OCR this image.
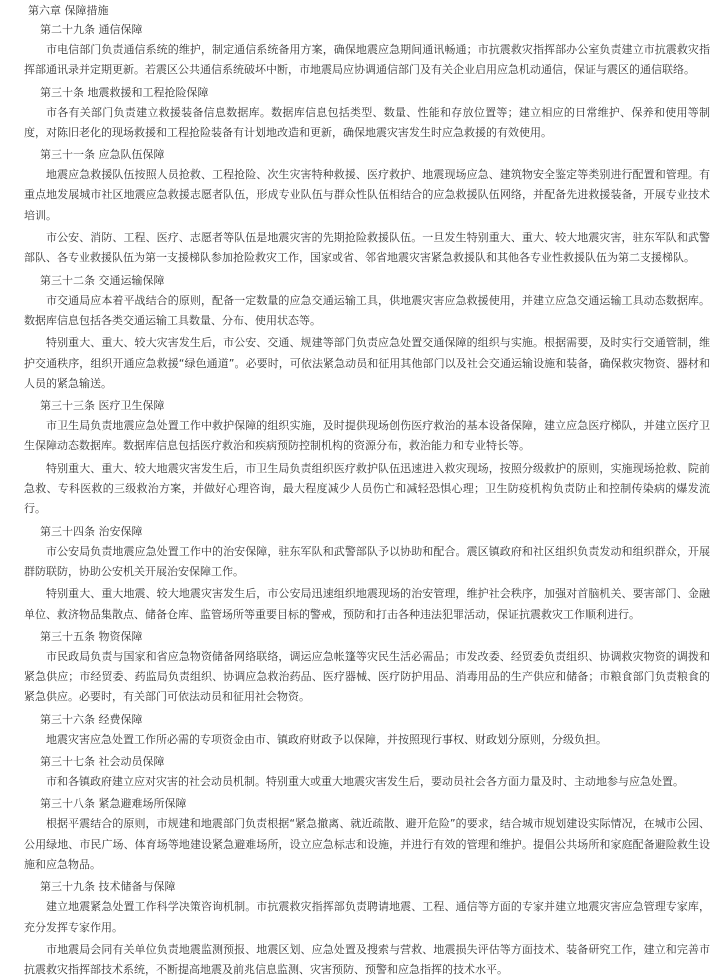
第六章 保障措施
第二十九条 通信保障

市电信部门负责通信系统的维护，制定通信系统备用方案，确保地震应急期间通讯畅通；市抗震救灾指挥部办公室负责建立市抗震救灾指挥部通讯录并定期更新。若震区公共通信系统破坏中断，市地震局应协调通信部门及有关企业启用应急机动通信，保证与震区的通信联络。

第三十条 地震救援和工程抢险保障

市各有关部门负责建立救援装备信息数据库。数据库信息包括类型、数量、性能和存放位置等；建立相应的日常维护、保养和使用等制度，对陈旧老化的现场救援和工程抢险装备有计划地改造和更新，确保地震灾害发生时应急救援的有效使用。

第三十一条 应急队伍保障

地震应急救援队伍按照人员抢救、工程抢险、次生灾害特种救援、医疗救护、地震现场应急、建筑物安全鉴定等类别进行配置和管理。有重点地发展城市社区地震应急救援志愿者队伍，形成专业队伍与群众性队伍相结合的应急救援队伍网络，并配备先进救援装备，开展专业技术培训。

市公安、消防、工程、医疗、志愿者等队伍是地震灾害的先期抢险救援队伍。一旦发生特别重大、重大、较大地震灾害，驻东军队和武警部队、各专业救援队伍为第一支援梯队参加抢险救灾工作，国家或省、邻省地震灾害紧急救援队和其他各专业性救援队伍为第二支援梯队。

第三十二条 交通运输保障

市交通局应本着平战结合的原则，配备一定数量的应急交通运输工具，供地震灾害应急救援使用，并建立应急交通运输工具动态数据库。数据库信息包括各类交通运输工具数量、分布、使用状态等。

特别重大、重大、较大灾害发生后，市公安、交通、规建等部门负责应急处置交通保障的组织与实施。根据需要，及时实行交通管制，维护交通秩序，组织开通应急救援“绿色通道”。必要时，可依法紧急动员和征用其他部门以及社会交通运输设施和装备，确保救灾物资、器材和人员的紧急输送。

第三十三条 医疗卫生保障

市卫生局负责地震应急处置工作中救护保障的组织实施，及时提供现场创伤医疗救治的基本设备保障，建立应急医疗梯队，并建立医疗卫生保障动态数据库。数据库信息包括医疗救治和疾病预防控制机构的资源分布，救治能力和专业特长等。

特别重大、重大、较大地震灾害发生后，市卫生局负责组织医疗救护队伍迅速进入救灾现场，按照分级救护的原则，实施现场抢救、院前急救、专科医救的三级救治方案，并做好心理咨询，最大程度减少人员伤亡和减轻恐惧心理；卫生防疫机构负责防止和控制传染病的爆发流行。

第三十四条 治安保障

市公安局负责地震应急处置工作中的治安保障，驻东军队和武警部队予以协助和配合。震区镇政府和社区组织负责发动和组织群众，开展群防联防，协助公安机关开展治安保障工作。

特别重大、重大地震、较大地震灾害发生后，市公安局迅速组织地震现场的治安管理，维护社会秩序，加强对首脑机关、要害部门、金融单位、救济物品集散点、储备仓库、监管场所等重要目标的警戒，预防和打击各种违法犯罪活动，保证抗震救灾工作顺利进行。

第三十五条 物资保障

市民政局负责与国家和省应急物资储备网络联络，调运应急帐篷等灾民生活必需品；市发改委、经贸委负责组织、协调救灾物资的调拨和紧急供应；市经贸委、药监局负责组织、协调应急救治药品、医疗器械、医疗防护用品、消毒用品的生产供应和储备；市粮食部门负责粮食的紧急供应。必要时，有关部门可依法动员和征用社会物资。

第三十六条 经费保障

地震灾害应急处置工作所必需的专项资金由市、镇政府财政予以保障，并按照现行事权、财政划分原则，分级负担。

第三十七条 社会动员保障

市和各镇政府建立应对灾害的社会动员机制。特别重大或重大地震灾害发生后，要动员社会各方面力量及时、主动地参与应急处置。

第三十八条 紧急避难场所保障

根据平震结合的原则，市规建和地震部门负责根据“紧急撤离、就近疏散、避开危险”的要求，结合城市规划建设实际情况，在城市公园、公用绿地、市民广场、体育场等地建设紧急避难场所，设立应急标志和设施，并进行有效的管理和维护。提倡公共场所和家庭配备避险救生设施和应急物品。

第三十九条 技术储备与保障

建立地震紧急处置工作科学决策咨询机制。市抗震救灾指挥部负责聘请地震、工程、通信等方面的专家并建立地震灾害应急管理专家库，充分发挥专家作用。

市地震局会同有关单位负责地震监测预报、地震区划、应急处置及搜索与营救、地震损失评估等方面技术、装备研究工作，建立和完善市抗震救灾指挥部技术系统，不断提高地震及前兆信息监测、灾害预防、预警和应急指挥的技术水平。
